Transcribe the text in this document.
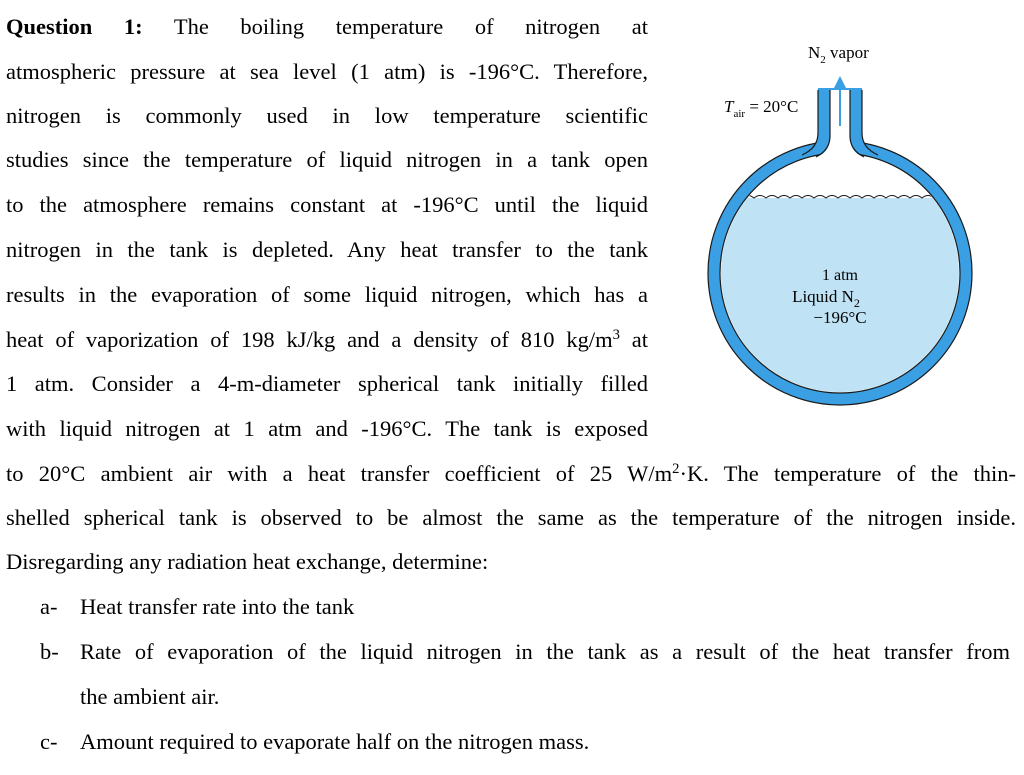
Question 1: The boiling temperature of nitrogen at
atmospheric pressure at sea level (1 atm) is -196°C. Therefore,
nitrogen is commonly used in low temperature scientific
studies since the temperature of liquid nitrogen in a tank open
to the atmosphere remains constant at -196°C until the liquid
nitrogen in the tank is depleted. Any heat transfer to the tank
results in the evaporation of some liquid nitrogen, which has a
heat of vaporization of 198 kJ/kg and a density of 810 $kg/m^3$ at
1 atm. Consider a 4-m-diameter spherical tank initially filled
with liquid nitrogen at 1 atm and -196°C. The tank is exposed
to 20°C ambient air with a heat transfer coefficient of 25 $W/m^2\cdot K$. The temperature of the thin-
shelled spherical tank is observed to be almost the same as the temperature of the nitrogen inside.
Disregarding any radiation heat exchange, determine:
a- Heat transfer rate into the tank
b- Rate of evaporation of the liquid nitrogen in the tank as a result of the heat transfer from
the ambient air.
c- Amount required to evaporate half on the nitrogen mass.
$N_2$ vapor
$T_{air} = 20^\circ C$
1 atm
Liquid $N_2$
−196°C
